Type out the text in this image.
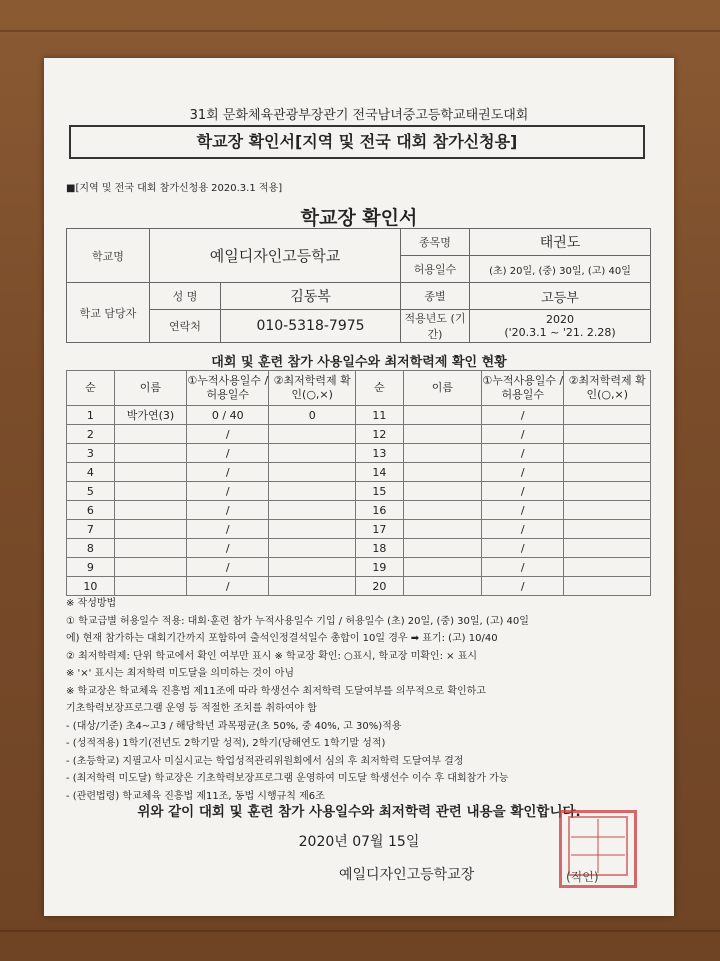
31회 문화체육관광부장관기 전국남녀중고등학교태권도대회
학교장 확인서[지역 및 전국 대회 참가신청용]
■[지역 및 전국 대회 참가신청용 2020.3.1 적용]
학교장 확인서
학교명	예일디자인고등학교		종목명	태권도
			허용일수	(초) 20일, (중) 30일, (고) 40일
학교 담당자	성 명	김동복	종별	고등부
	연락처	010-5318-7975	적용년도 (기간)	2020
('20.3.1 ~ '21. 2.28)
대회 및 훈련 참가 사용일수와 최저학력제 확인 현황
순	이름	①누적사용일수 /허용일수	②최저학력제 확인(○,×)	순	이름	①누적사용일수 /허용일수	②최저학력제 확인(○,×)
1	박가연(3)	0 / 40	0	11		/	
2		/		12		/	
3		/		13		/	
4		/		14		/	
5		/		15		/	
6		/		16		/	
7		/		17		/	
8		/		18		/	
9		/		19		/	
10		/		20		/	
※ 작성방법
① 학교급별 허용일수 적용: 대회·훈련 참가 누적사용일수 기입 / 허용일수 (초) 20일, (중) 30일, (고) 40일
에) 현재 참가하는 대회기간까지 포함하여 출석인정결석일수 총합이 10일 경우 ➡ 표기: (고) 10/40
② 최저학력제: 단위 학교에서 확인 여부만 표시 ※ 학교장 확인: ○표시, 학교장 미확인: × 표시
※ '×' 표시는 최저학력 미도달을 의미하는 것이 아님
※ 학교장은 학교체육 진흥법 제11조에 따라 학생선수 최저학력 도달여부를 의무적으로 확인하고
기초학력보장프로그램 운영 등 적절한 조치를 취하여야 함
- (대상/기준) 초4~고3 / 해당학년 과목평균(초 50%, 중 40%, 고 30%)적용
- (성적적용) 1학기(전년도 2학기말 성적), 2학기(당해연도 1학기말 성적)
- (초등학교) 지필고사 미실시교는 학업성적관리위원회에서 심의 후 최저학력 도달여부 결정
- (최저학력 미도달) 학교장은 기초학력보장프로그램 운영하여 미도달 학생선수 이수 후 대회참가 가능
- (관련법령) 학교체육 진흥법 제11조, 동법 시행규칙 제6조
위와 같이 대회 및 훈련 참가 사용일수와 최저학력 관련 내용을 확인합니다.
2020년 07월 15일
예일디자인고등학교장	(직인)
